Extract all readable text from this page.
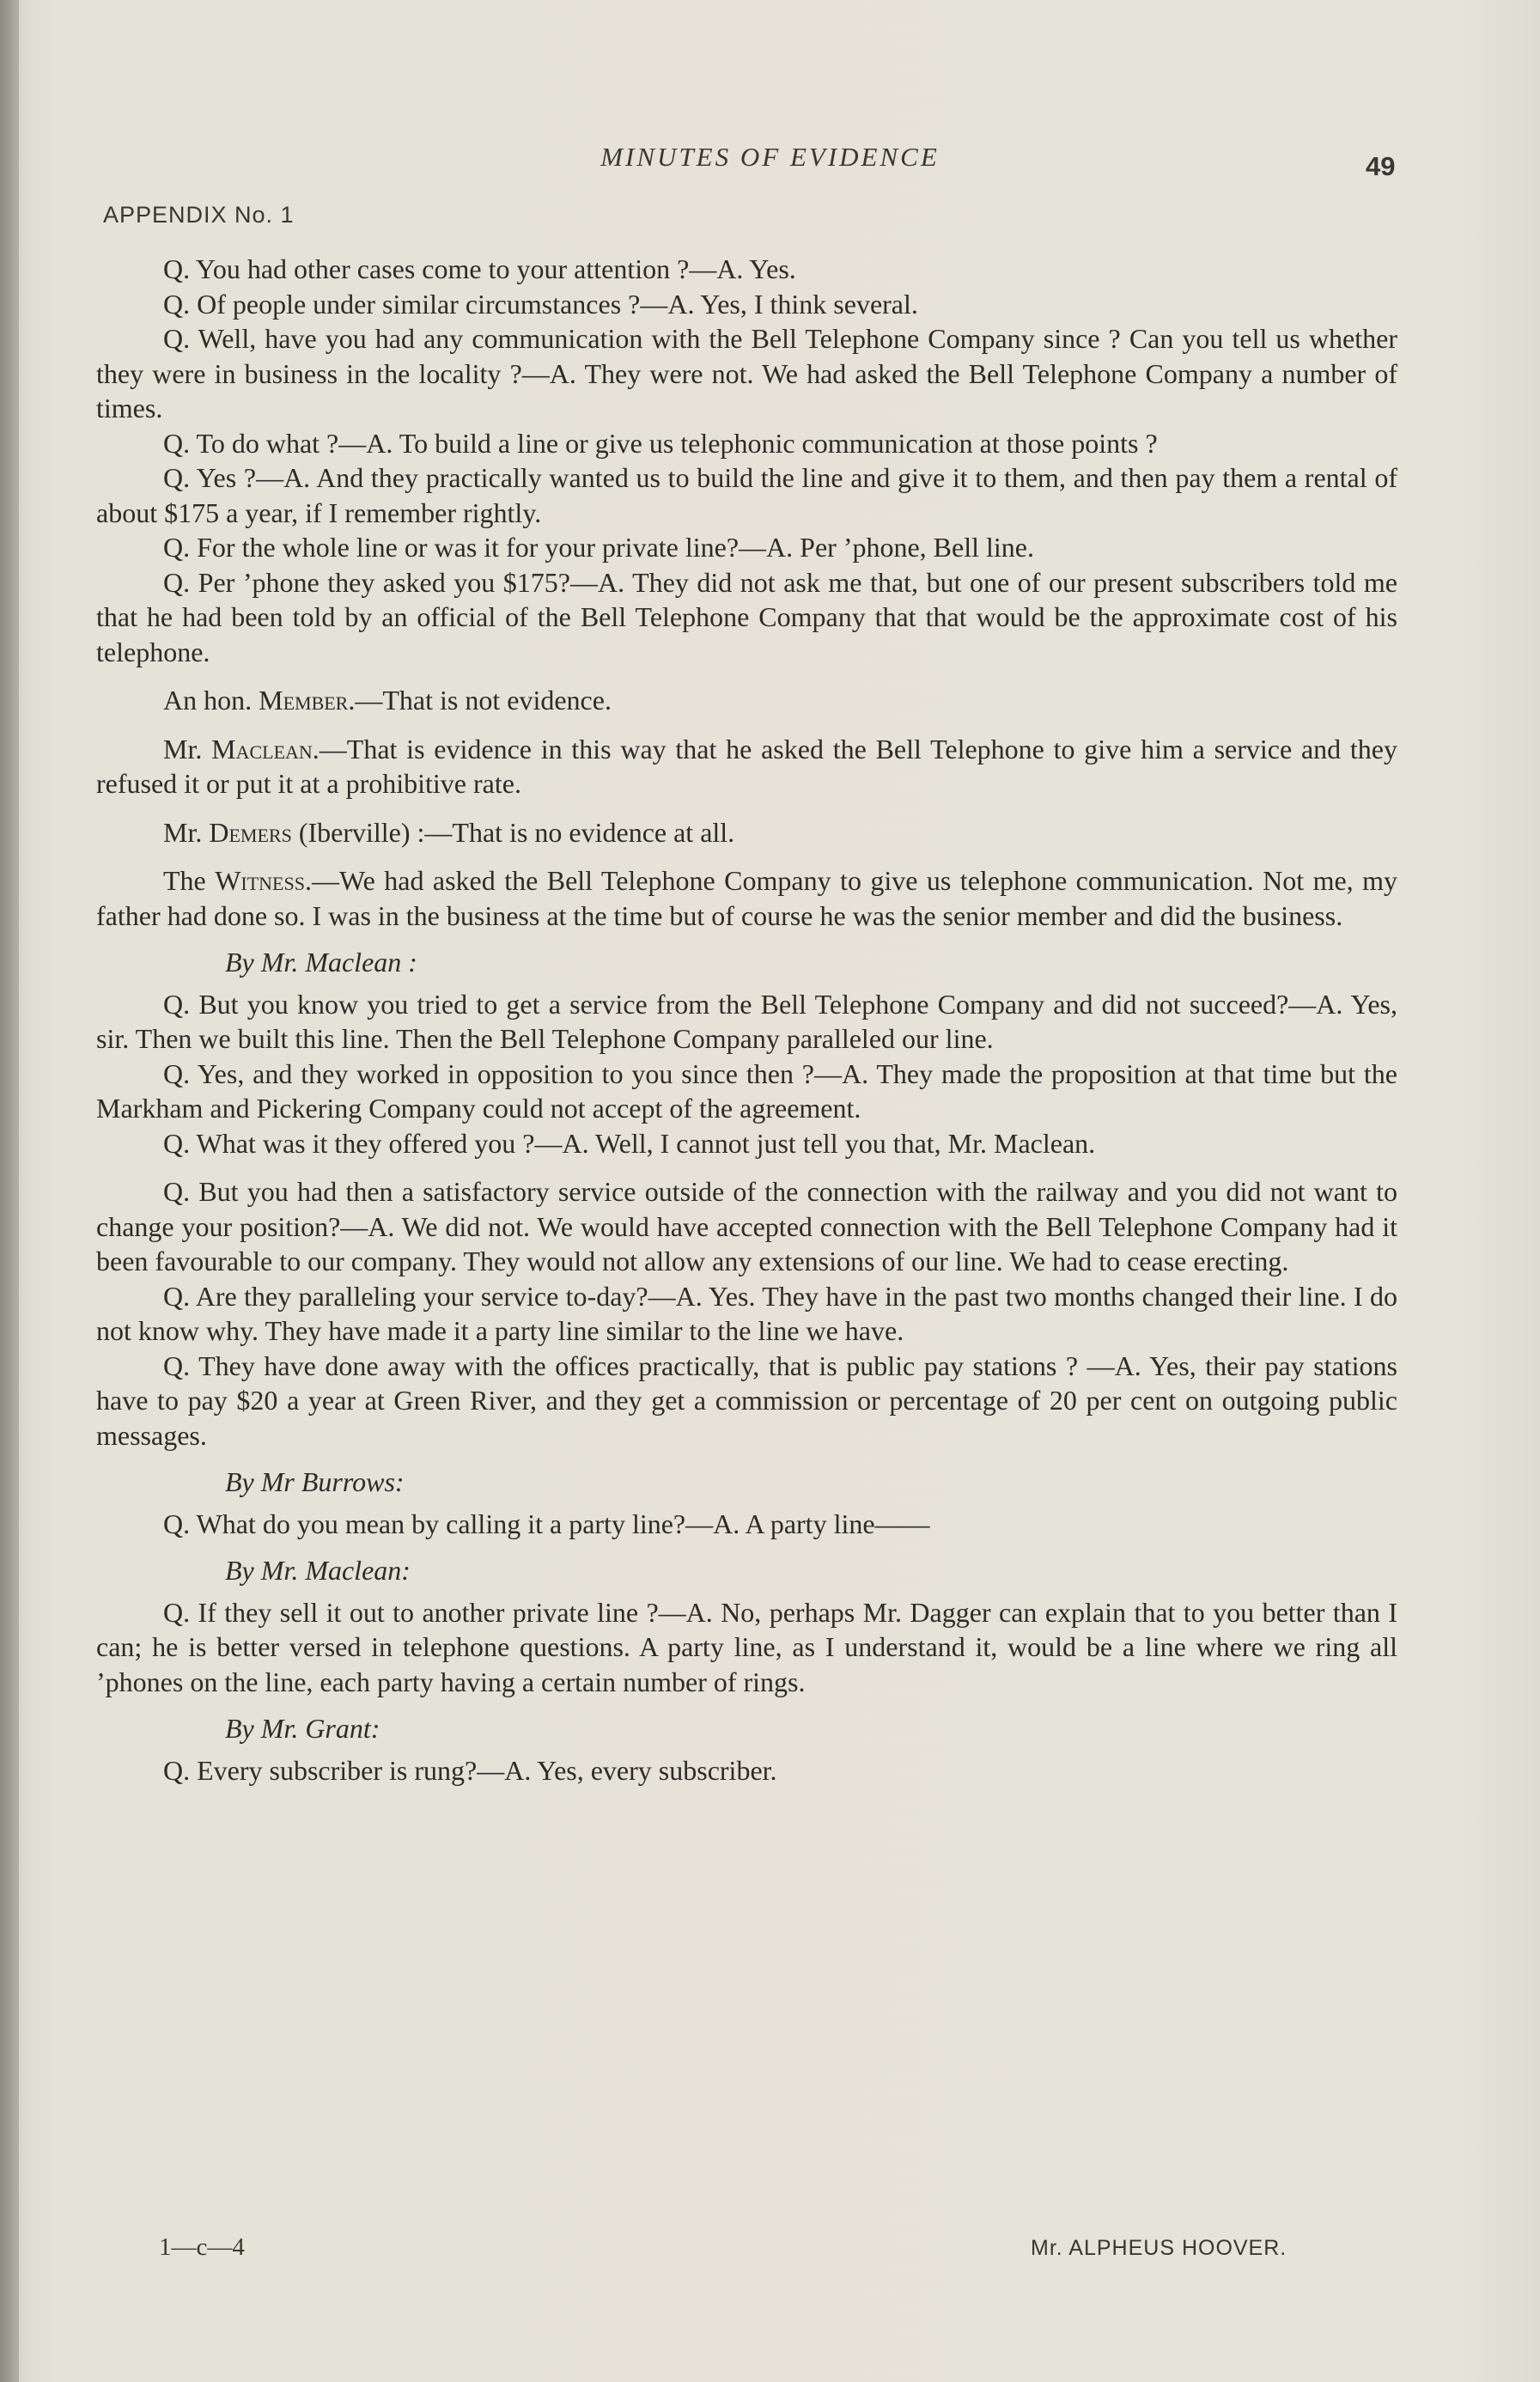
MINUTES OF EVIDENCE	49
APPENDIX No. 1

Q. You had other cases come to your attention ?—A. Yes.

Q. Of people under similar circumstances ?—A. Yes, I think several.

Q. Well, have you had any communication with the Bell Telephone Company since ? Can you tell us whether they were in business in the locality ?—A. They were not. We had asked the Bell Telephone Company a number of times.

Q. To do what ?—A. To build a line or give us telephonic communication at those points ?

Q. Yes ?—A. And they practically wanted us to build the line and give it to them, and then pay them a rental of about $175 a year, if I remember rightly.

Q. For the whole line or was it for your private line?—A. Per ’phone, Bell line.

Q. Per ’phone they asked you $175?—A. They did not ask me that, but one of our present subscribers told me that he had been told by an official of the Bell Telephone Company that that would be the approximate cost of his telephone.

An hon. Member.—That is not evidence.

Mr. Maclean.—That is evidence in this way that he asked the Bell Telephone to give him a service and they refused it or put it at a prohibitive rate.

Mr. Demers (Iberville) :—That is no evidence at all.

The Witness.—We had asked the Bell Telephone Company to give us telephone communication. Not me, my father had done so. I was in the business at the time but of course he was the senior member and did the business.

By Mr. Maclean :

Q. But you know you tried to get a service from the Bell Telephone Company and did not succeed?—A. Yes, sir. Then we built this line. Then the Bell Telephone Company paralleled our line.

Q. Yes, and they worked in opposition to you since then ?—A. They made the proposition at that time but the Markham and Pickering Company could not accept of the agreement.

Q. What was it they offered you ?—A. Well, I cannot just tell you that, Mr. Maclean.

Q. But you had then a satisfactory service outside of the connection with the railway and you did not want to change your position?—A. We did not. We would have accepted connection with the Bell Telephone Company had it been favourable to our company. They would not allow any extensions of our line. We had to cease erecting.

Q. Are they paralleling your service to-day?—A. Yes. They have in the past two months changed their line. I do not know why. They have made it a party line similar to the line we have.

Q. They have done away with the offices practically, that is public pay stations ? —A. Yes, their pay stations have to pay $20 a year at Green River, and they get a commission or percentage of 20 per cent on outgoing public messages.

By Mr Burrows:

Q. What do you mean by calling it a party line?—A. A party line——

By Mr. Maclean:

Q. If they sell it out to another private line ?—A. No, perhaps Mr. Dagger can explain that to you better than I can; he is better versed in telephone questions. A party line, as I understand it, would be a line where we ring all ’phones on the line, each party having a certain number of rings.

By Mr. Grant:

Q. Every subscriber is rung?—A. Yes, every subscriber.

1—c—4	Mr. ALPHEUS HOOVER.
